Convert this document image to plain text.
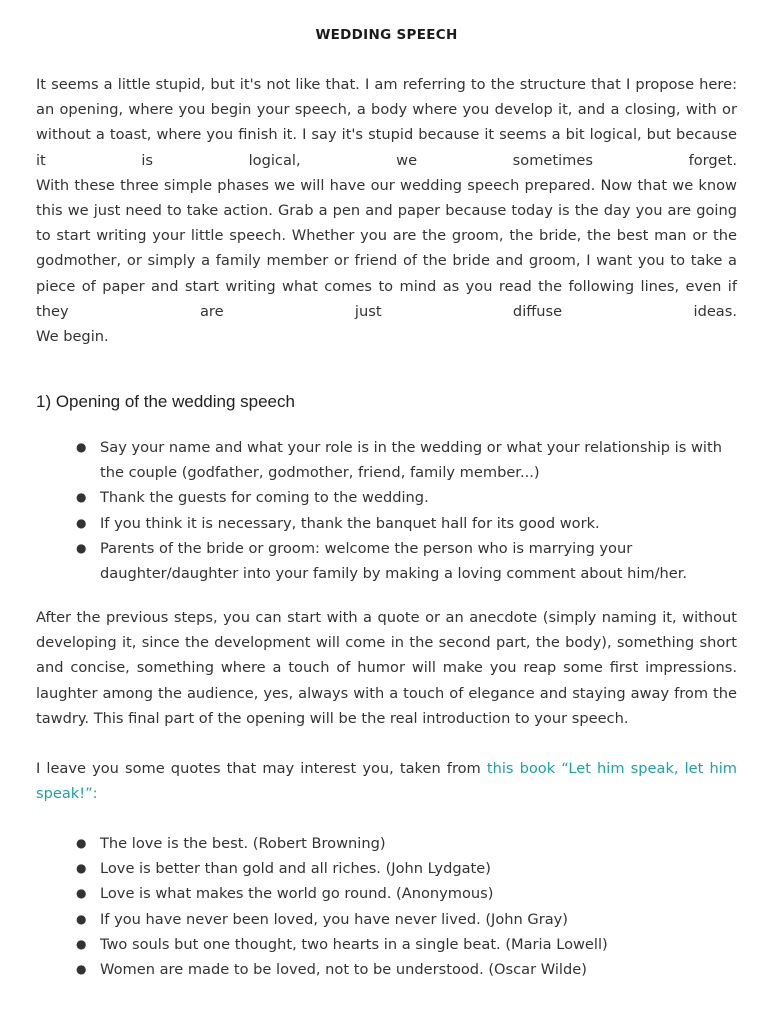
WEDDING SPEECH

It seems a little stupid, but it's not like that. I am referring to the structure that I propose here:
an opening, where you begin your speech, a body where you develop it, and a closing, with or
without a toast, where you finish it. I say it's stupid because it seems a bit logical, but because
it is logical, we sometimes forget.
With these three simple phases we will have our wedding speech prepared. Now that we know
this we just need to take action. Grab a pen and paper because today is the day you are going
to start writing your little speech. Whether you are the groom, the bride, the best man or the
godmother, or simply a family member or friend of the bride and groom, I want you to take a
piece of paper and start writing what comes to mind as you read the following lines, even if
they are just diffuse ideas.
We begin.

1) Opening of the wedding speech
● Say your name and what your role is in the wedding or what your relationship is with the couple (godfather, godmother, friend, family member...)
● Thank the guests for coming to the wedding.
● If you think it is necessary, thank the banquet hall for its good work.
● Parents of the bride or groom: welcome the person who is marrying your daughter/daughter into your family by making a loving comment about him/her.

After the previous steps, you can start with a quote or an anecdote (simply naming it, without developing it, since the development will come in the second part, the body), something short and concise, something where a touch of humor will make you reap some first impressions. laughter among the audience, yes, always with a touch of elegance and staying away from the tawdry. This final part of the opening will be the real introduction to your speech.

I leave you some quotes that may interest you, taken from this book “Let him speak, let him speak!”:

● The love is the best. (Robert Browning)
● Love is better than gold and all riches. (John Lydgate)
● Love is what makes the world go round. (Anonymous)
● If you have never been loved, you have never lived. (John Gray)
● Two souls but one thought, two hearts in a single beat. (Maria Lowell)
● Women are made to be loved, not to be understood. (Oscar Wilde)
